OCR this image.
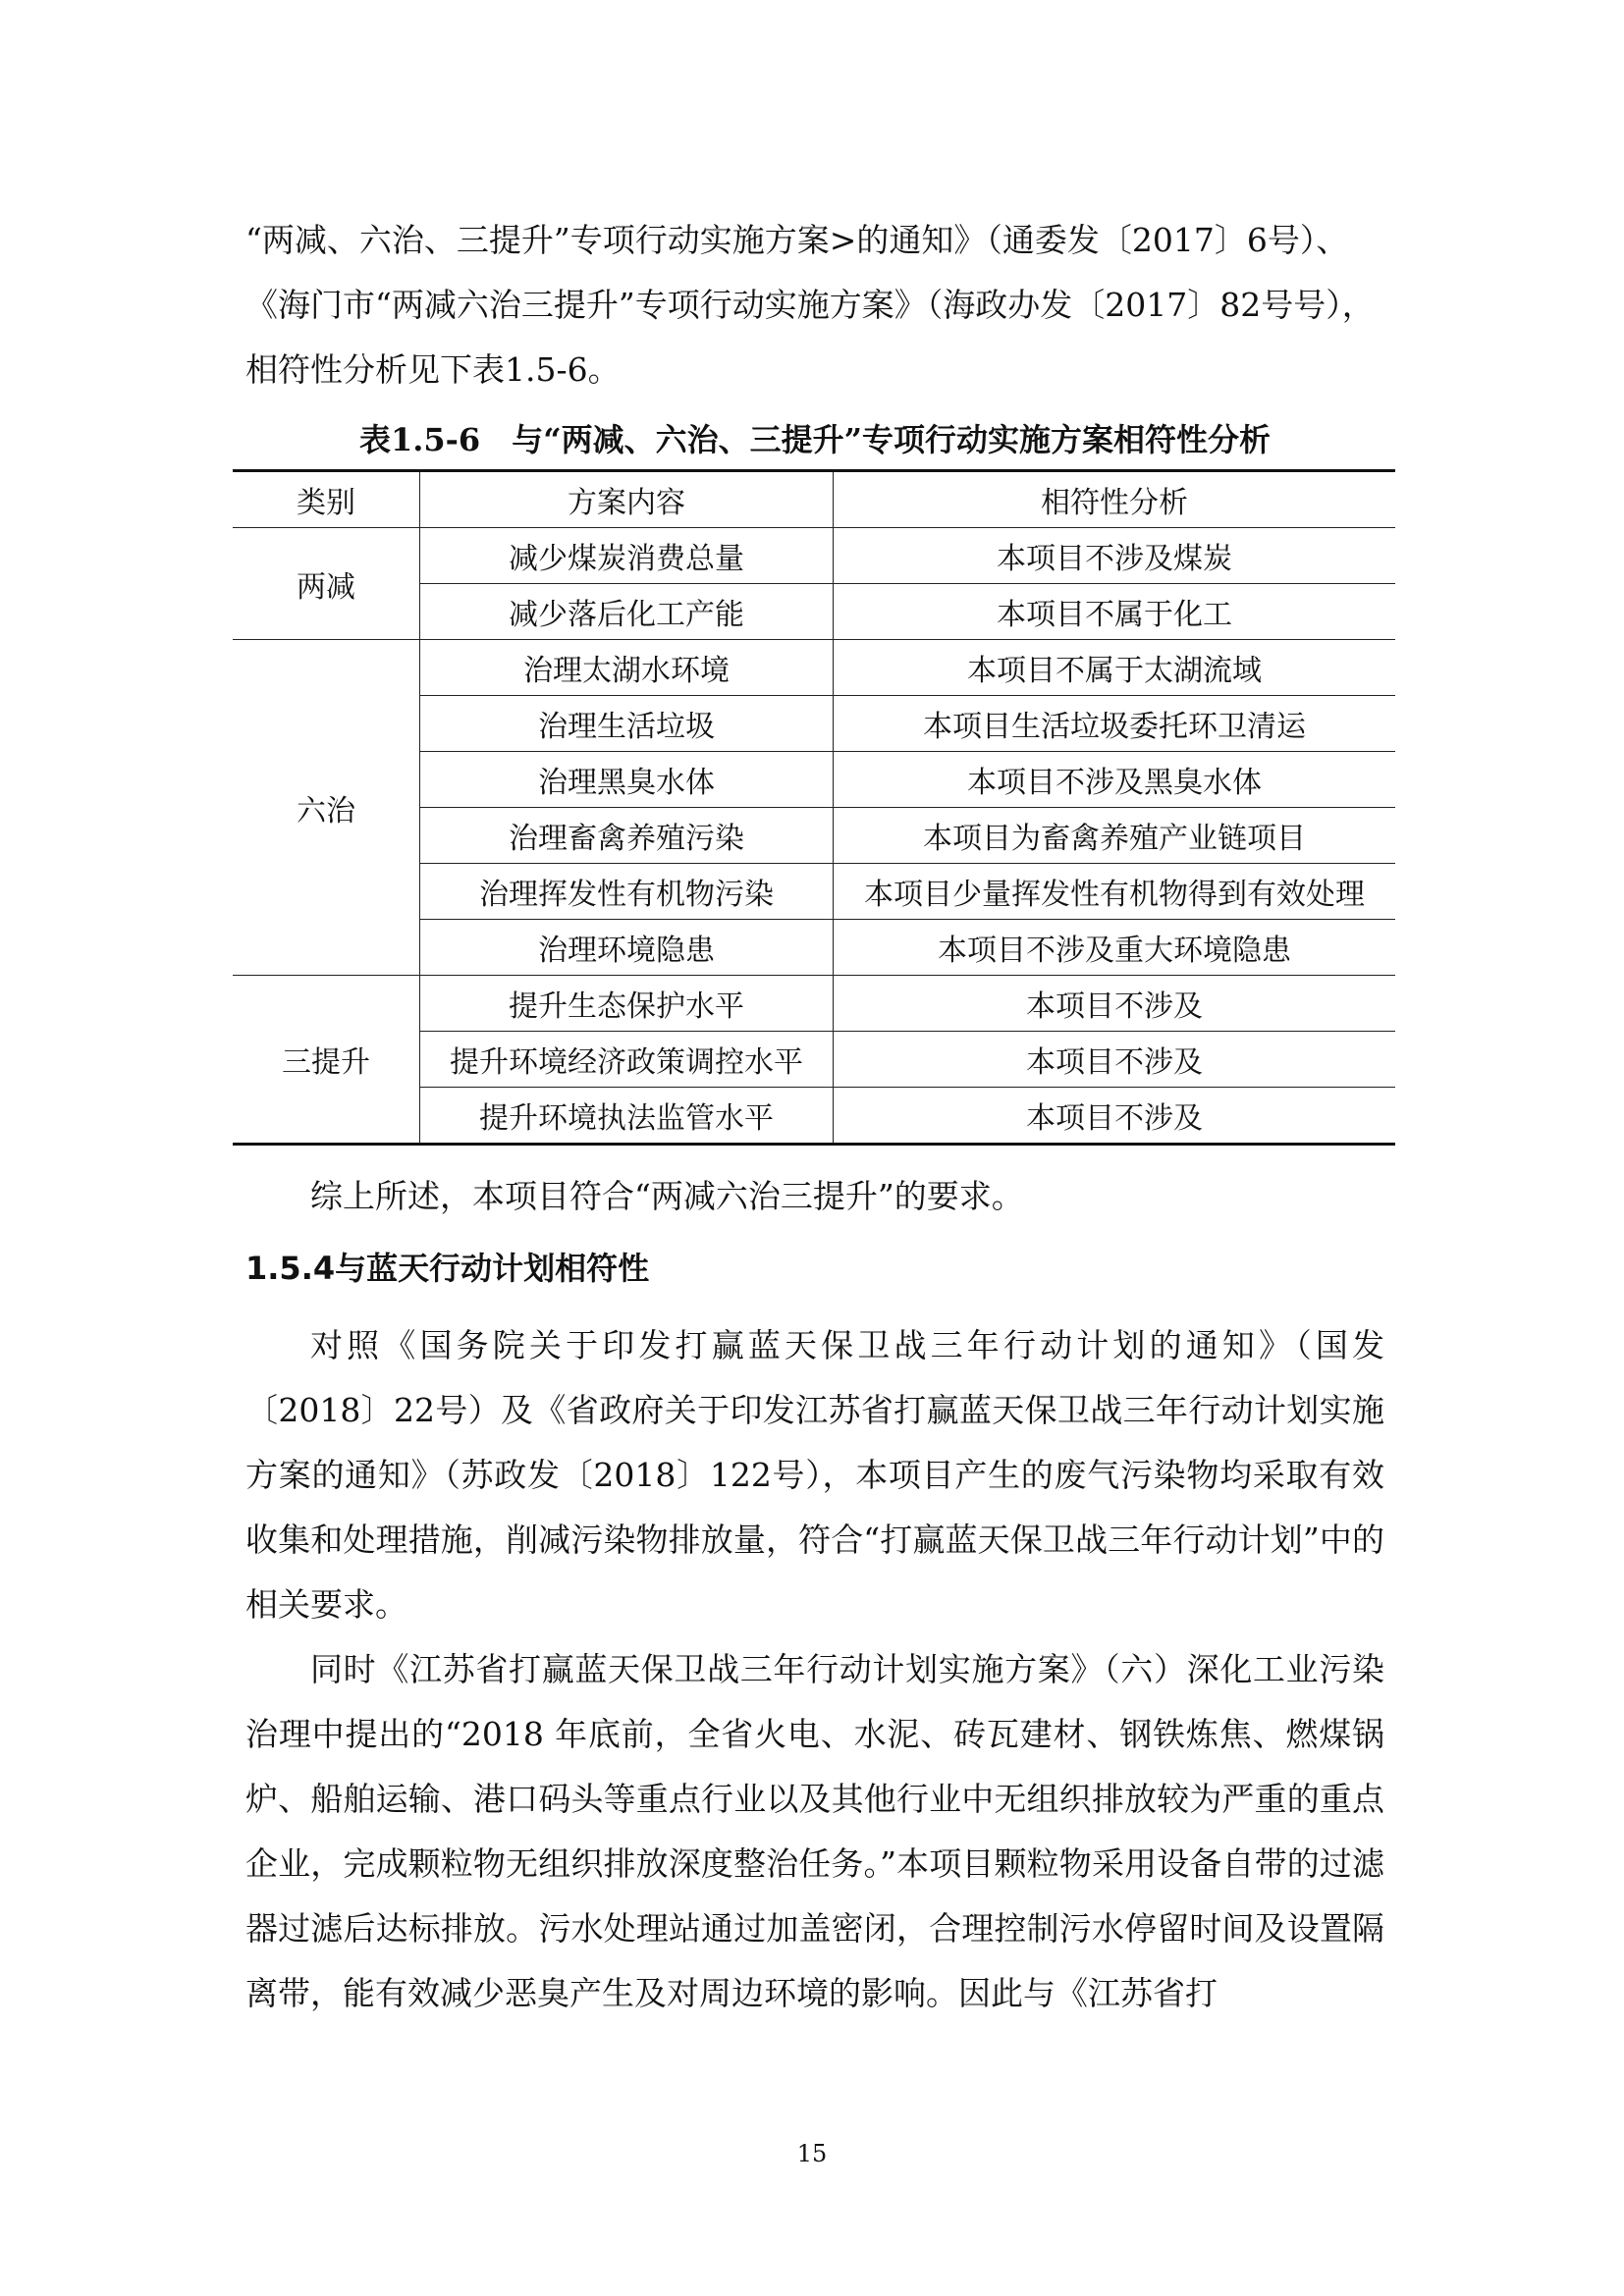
“两减、六治、三提升”专项行动实施方案>的通知》（通委发〔2017〕6号）、

《海门市“两减六治三提升”专项行动实施方案》（海政办发〔2017〕82号号），

相符性分析见下表1.5-6。

表1.5-6　与“两减、六治、三提升”专项行动实施方案相符性分析

类别	方案内容	相符性分析
两减	减少煤炭消费总量	本项目不涉及煤炭
	减少落后化工产能	本项目不属于化工
六治	治理太湖水环境	本项目不属于太湖流域
	治理生活垃圾	本项目生活垃圾委托环卫清运
	治理黑臭水体	本项目不涉及黑臭水体
	治理畜禽养殖污染	本项目为畜禽养殖产业链项目
	治理挥发性有机物污染	本项目少量挥发性有机物得到有效处理
	治理环境隐患	本项目不涉及重大环境隐患
三提升	提升生态保护水平	本项目不涉及
	提升环境经济政策调控水平	本项目不涉及
	提升环境执法监管水平	本项目不涉及

综上所述，本项目符合“两减六治三提升”的要求。

1.5.4与蓝天行动计划相符性

对照《国务院关于印发打赢蓝天保卫战三年行动计划的通知》（国发〔2018〕22号）及《省政府关于印发江苏省打赢蓝天保卫战三年行动计划实施方案的通知》（苏政发〔2018〕122号），本项目产生的废气污染物均采取有效收集和处理措施，削减污染物排放量，符合“打赢蓝天保卫战三年行动计划”中的相关要求。

同时《江苏省打赢蓝天保卫战三年行动计划实施方案》（六）深化工业污染治理中提出的“2018 年底前，全省火电、水泥、砖瓦建材、钢铁炼焦、燃煤锅炉、船舶运输、港口码头等重点行业以及其他行业中无组织排放较为严重的重点企业，完成颗粒物无组织排放深度整治任务。”本项目颗粒物采用设备自带的过滤器过滤后达标排放。污水处理站通过加盖密闭，合理控制污水停留时间及设置隔离带，能有效减少恶臭产生及对周边环境的影响。因此与《江苏省打

15
